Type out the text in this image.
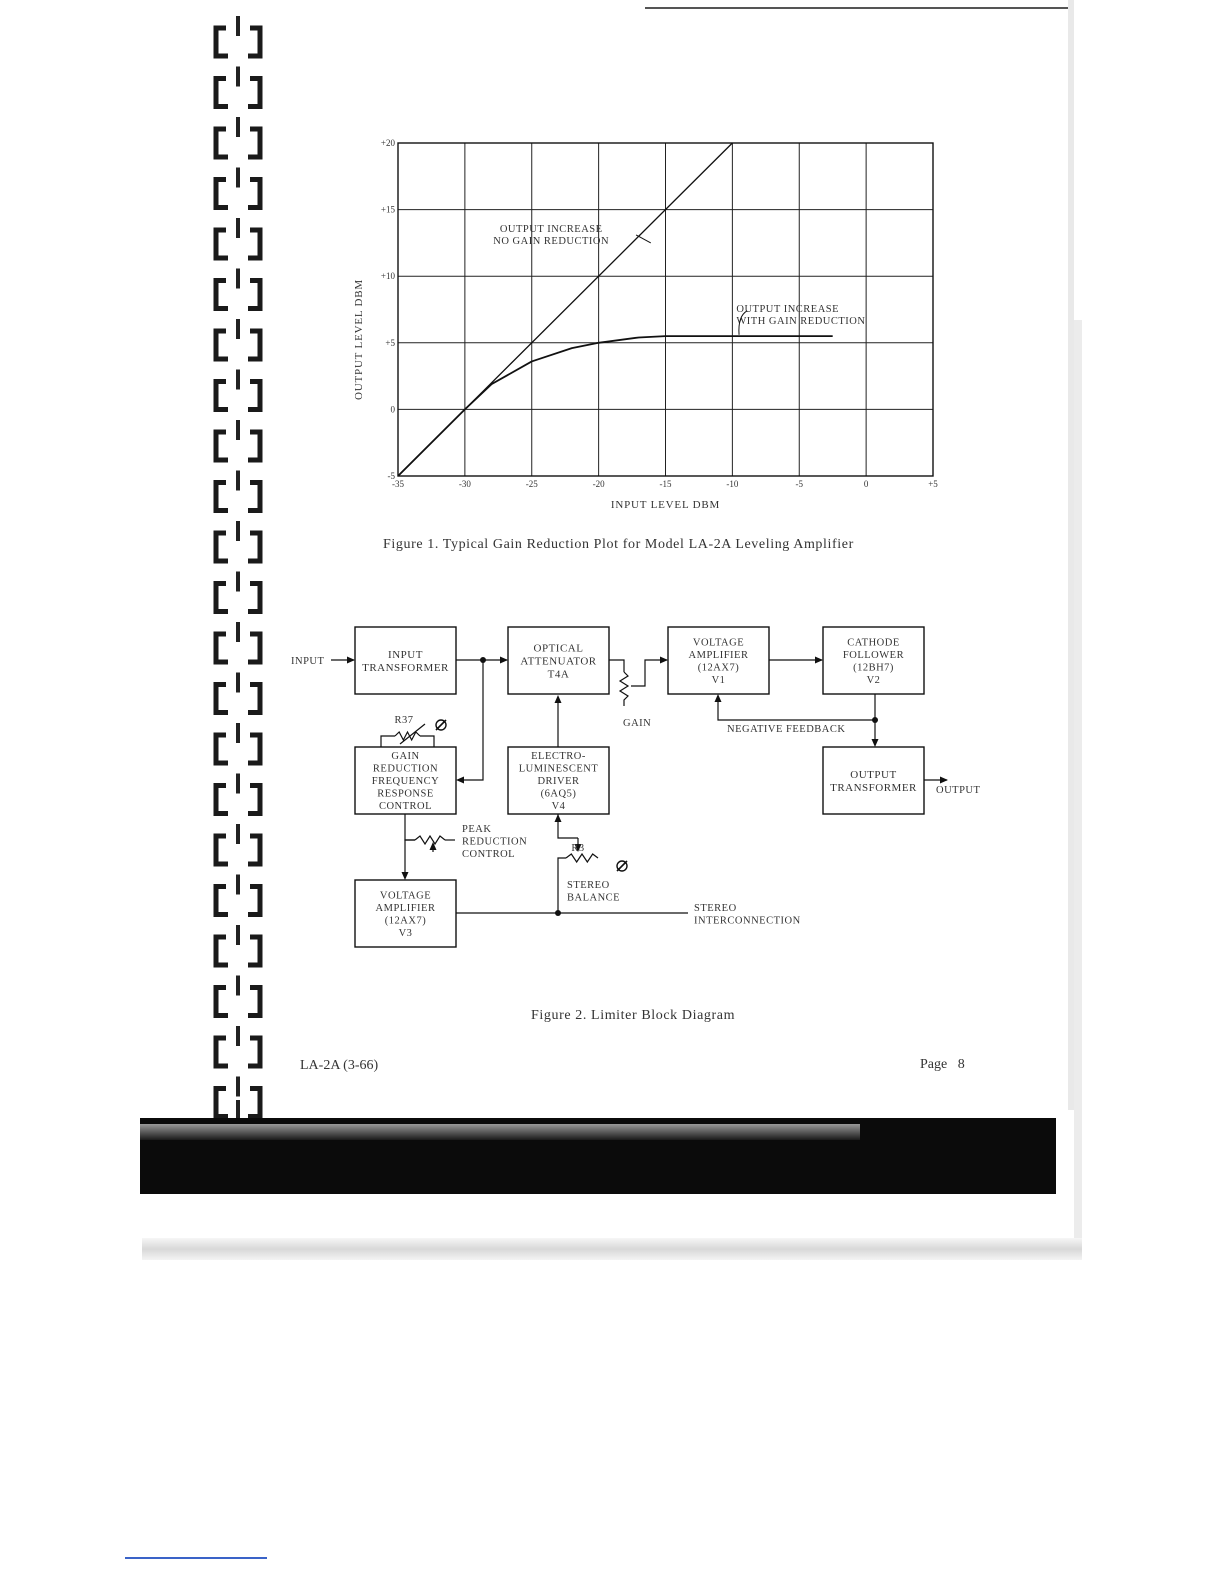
-35	-30	-25	-20	-15	-10	-5	0	+5
+20
+15
+10
+5
0
-5
INPUT LEVEL DBM
OUTPUT LEVEL DBM
OUTPUT INCREASE
NO GAIN REDUCTION
OUTPUT INCREASE
WITH GAIN REDUCTION
Figure 1. Typical Gain Reduction Plot for Model LA-2A Leveling Amplifier
INPUT
TRANSFORMER
OPTICAL
ATTENUATOR
T4A
VOLTAGE
AMPLIFIER
(12AX7)
V1
CATHODE
FOLLOWER
(12BH7)
V2
GAIN
REDUCTION
FREQUENCY
RESPONSE
CONTROL
ELECTRO-
LUMINESCENT
DRIVER
(6AQ5)
V4
OUTPUT
TRANSFORMER
VOLTAGE
AMPLIFIER
(12AX7)
V3
INPUT
GAIN
NEGATIVE FEEDBACK
OUTPUT
R37
PEAK
REDUCTION
CONTROL
R3
STEREO
BALANCE
STEREO
INTERCONNECTION
Figure 2. Limiter Block Diagram
LA-2A (3-66)	Page   8
